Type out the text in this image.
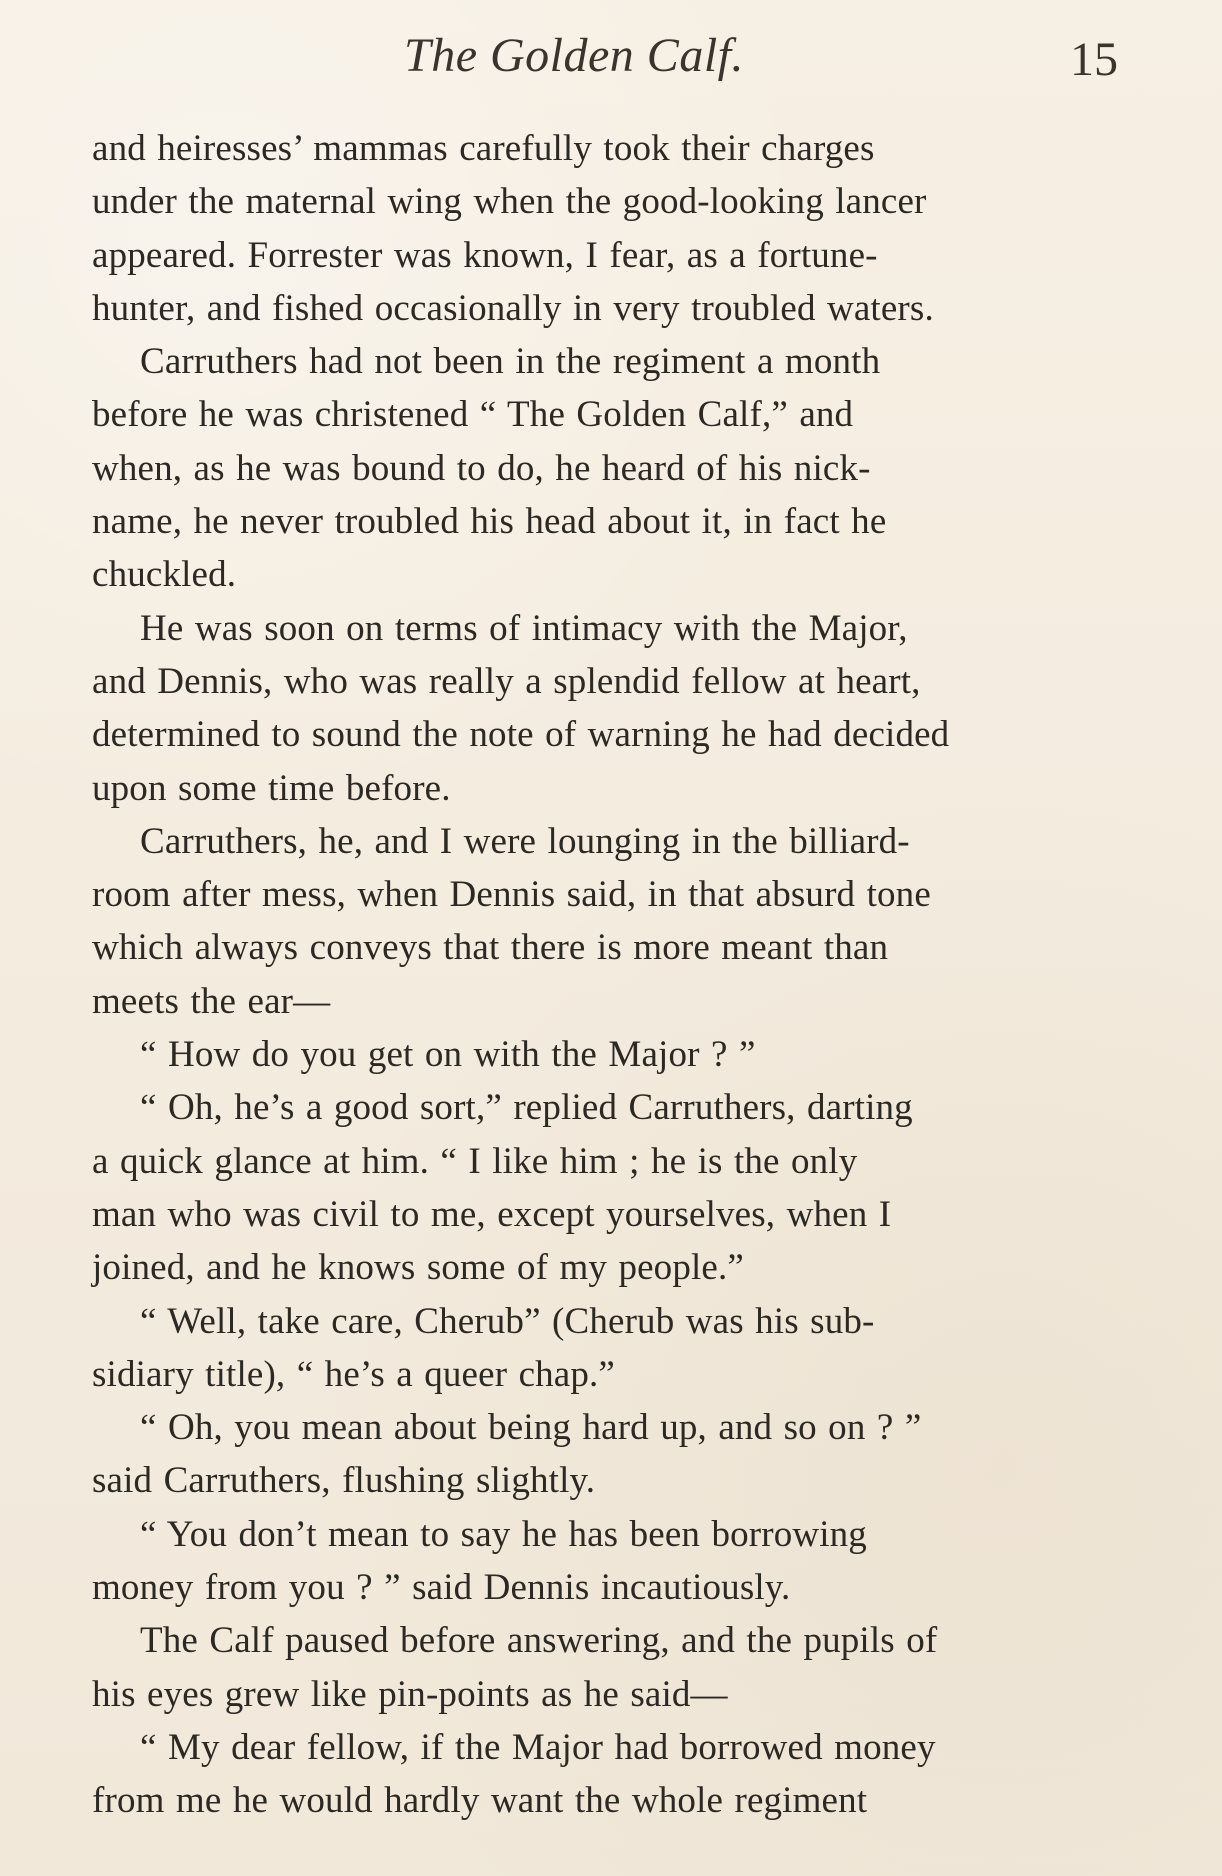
The Golden Calf.	15
and heiresses’ mammas carefully took their charges
under the maternal wing when the good-looking lancer
appeared. Forrester was known, I fear, as a fortune-
hunter, and fished occasionally in very troubled waters.
Carruthers had not been in the regiment a month
before he was christened “ The Golden Calf,” and
when, as he was bound to do, he heard of his nick-
name, he never troubled his head about it, in fact he
chuckled.
He was soon on terms of intimacy with the Major,
and Dennis, who was really a splendid fellow at heart,
determined to sound the note of warning he had decided
upon some time before.
Carruthers, he, and I were lounging in the billiard-
room after mess, when Dennis said, in that absurd tone
which always conveys that there is more meant than
meets the ear—
“ How do you get on with the Major ? ”
“ Oh, he’s a good sort,” replied Carruthers, darting
a quick glance at him. “ I like him ; he is the only
man who was civil to me, except yourselves, when I
joined, and he knows some of my people.”
“ Well, take care, Cherub” (Cherub was his sub-
sidiary title), “ he’s a queer chap.”
“ Oh, you mean about being hard up, and so on ? ”
said Carruthers, flushing slightly.
“ You don’t mean to say he has been borrowing
money from you ? ” said Dennis incautiously.
The Calf paused before answering, and the pupils of
his eyes grew like pin-points as he said—
“ My dear fellow, if the Major had borrowed money
from me he would hardly want the whole regiment
